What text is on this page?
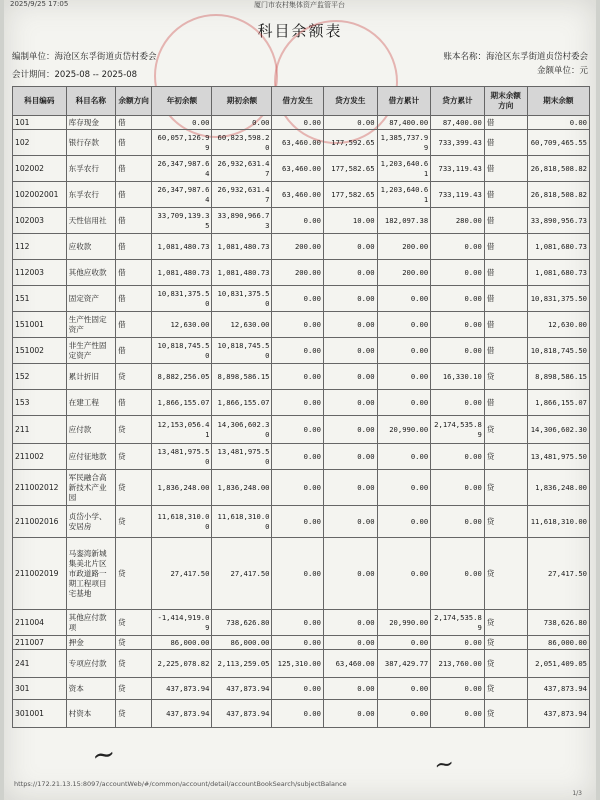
2025/9/25 17:05	厦门市农村集体资产监管平台
科目余额表
编制单位：海沧区东孚街道贞岱村委会
会计期间：2025-08 -- 2025-08
账本名称：海沧区东孚街道贞岱村委会
金额单位：元
科目编码	科目名称	余额方向	年初余额	期初余额	借方发生	贷方发生	借方累计	贷方累计	期末余额方向	期末余额
101	库存现金	借	0.00	0.00	0.00	0.00	87,400.00	87,400.00	借	0.00
102	银行存款	借	60,057,126.99	60,823,598.20	63,460.00	177,592.65	1,385,737.99	733,399.43	借	60,709,465.55
102002	东孚农行	借	26,347,987.64	26,932,631.47	63,460.00	177,582.65	1,203,640.61	733,119.43	借	26,818,508.82
102002001	东孚农行	借	26,347,987.64	26,932,631.47	63,460.00	177,582.65	1,203,640.61	733,119.43	借	26,818,508.82
102003	天性信用社	借	33,709,139.35	33,890,966.73	0.00	10.00	182,097.38	280.00	借	33,890,956.73
112	应收款	借	1,081,480.73	1,081,480.73	200.00	0.00	200.00	0.00	借	1,081,680.73
112003	其他应收款	借	1,081,480.73	1,081,480.73	200.00	0.00	200.00	0.00	借	1,081,680.73
151	固定资产	借	10,831,375.50	10,831,375.50	0.00	0.00	0.00	0.00	借	10,831,375.50
151001	生产性固定资产	借	12,630.00	12,630.00	0.00	0.00	0.00	0.00	借	12,630.00
151002	非生产性固定资产	借	10,818,745.50	10,818,745.50	0.00	0.00	0.00	0.00	借	10,818,745.50
152	累计折旧	贷	8,882,256.05	8,898,586.15	0.00	0.00	0.00	16,330.10	贷	8,898,586.15
153	在建工程	借	1,866,155.07	1,866,155.07	0.00	0.00	0.00	0.00	借	1,866,155.07
211	应付款	贷	12,153,056.41	14,306,602.30	0.00	0.00	20,990.00	2,174,535.89	贷	14,306,602.30
211002	应付征地款	贷	13,481,975.50	13,481,975.50	0.00	0.00	0.00	0.00	贷	13,481,975.50
211002012	军民融合高新技术产业园	贷	1,836,248.00	1,836,248.00	0.00	0.00	0.00	0.00	贷	1,836,248.00
211002016	贞岱小学、安居房	贷	11,618,310.00	11,618,310.00	0.00	0.00	0.00	0.00	贷	11,618,310.00
211002019	马銮湾新城集美北片区市政道路一期工程项目宅基地	贷	27,417.50	27,417.50	0.00	0.00	0.00	0.00	贷	27,417.50
211004	其他应付款项	贷	-1,414,919.09	738,626.80	0.00	0.00	20,990.00	2,174,535.89	贷	738,626.80
211007	押金	贷	86,000.00	86,000.00	0.00	0.00	0.00	0.00	贷	86,000.00
241	专项应付款	贷	2,225,078.82	2,113,259.05	125,310.00	63,460.00	387,429.77	213,760.00	贷	2,051,409.05
301	资本	贷	437,873.94	437,873.94	0.00	0.00	0.00	0.00	贷	437,873.94
301001	村资本	贷	437,873.94	437,873.94	0.00	0.00	0.00	0.00	贷	437,873.94
~	~
https://172.21.13.15:8097/accountWeb/#/common/account/detail/accountBookSearch/subjectBalance
1/3
